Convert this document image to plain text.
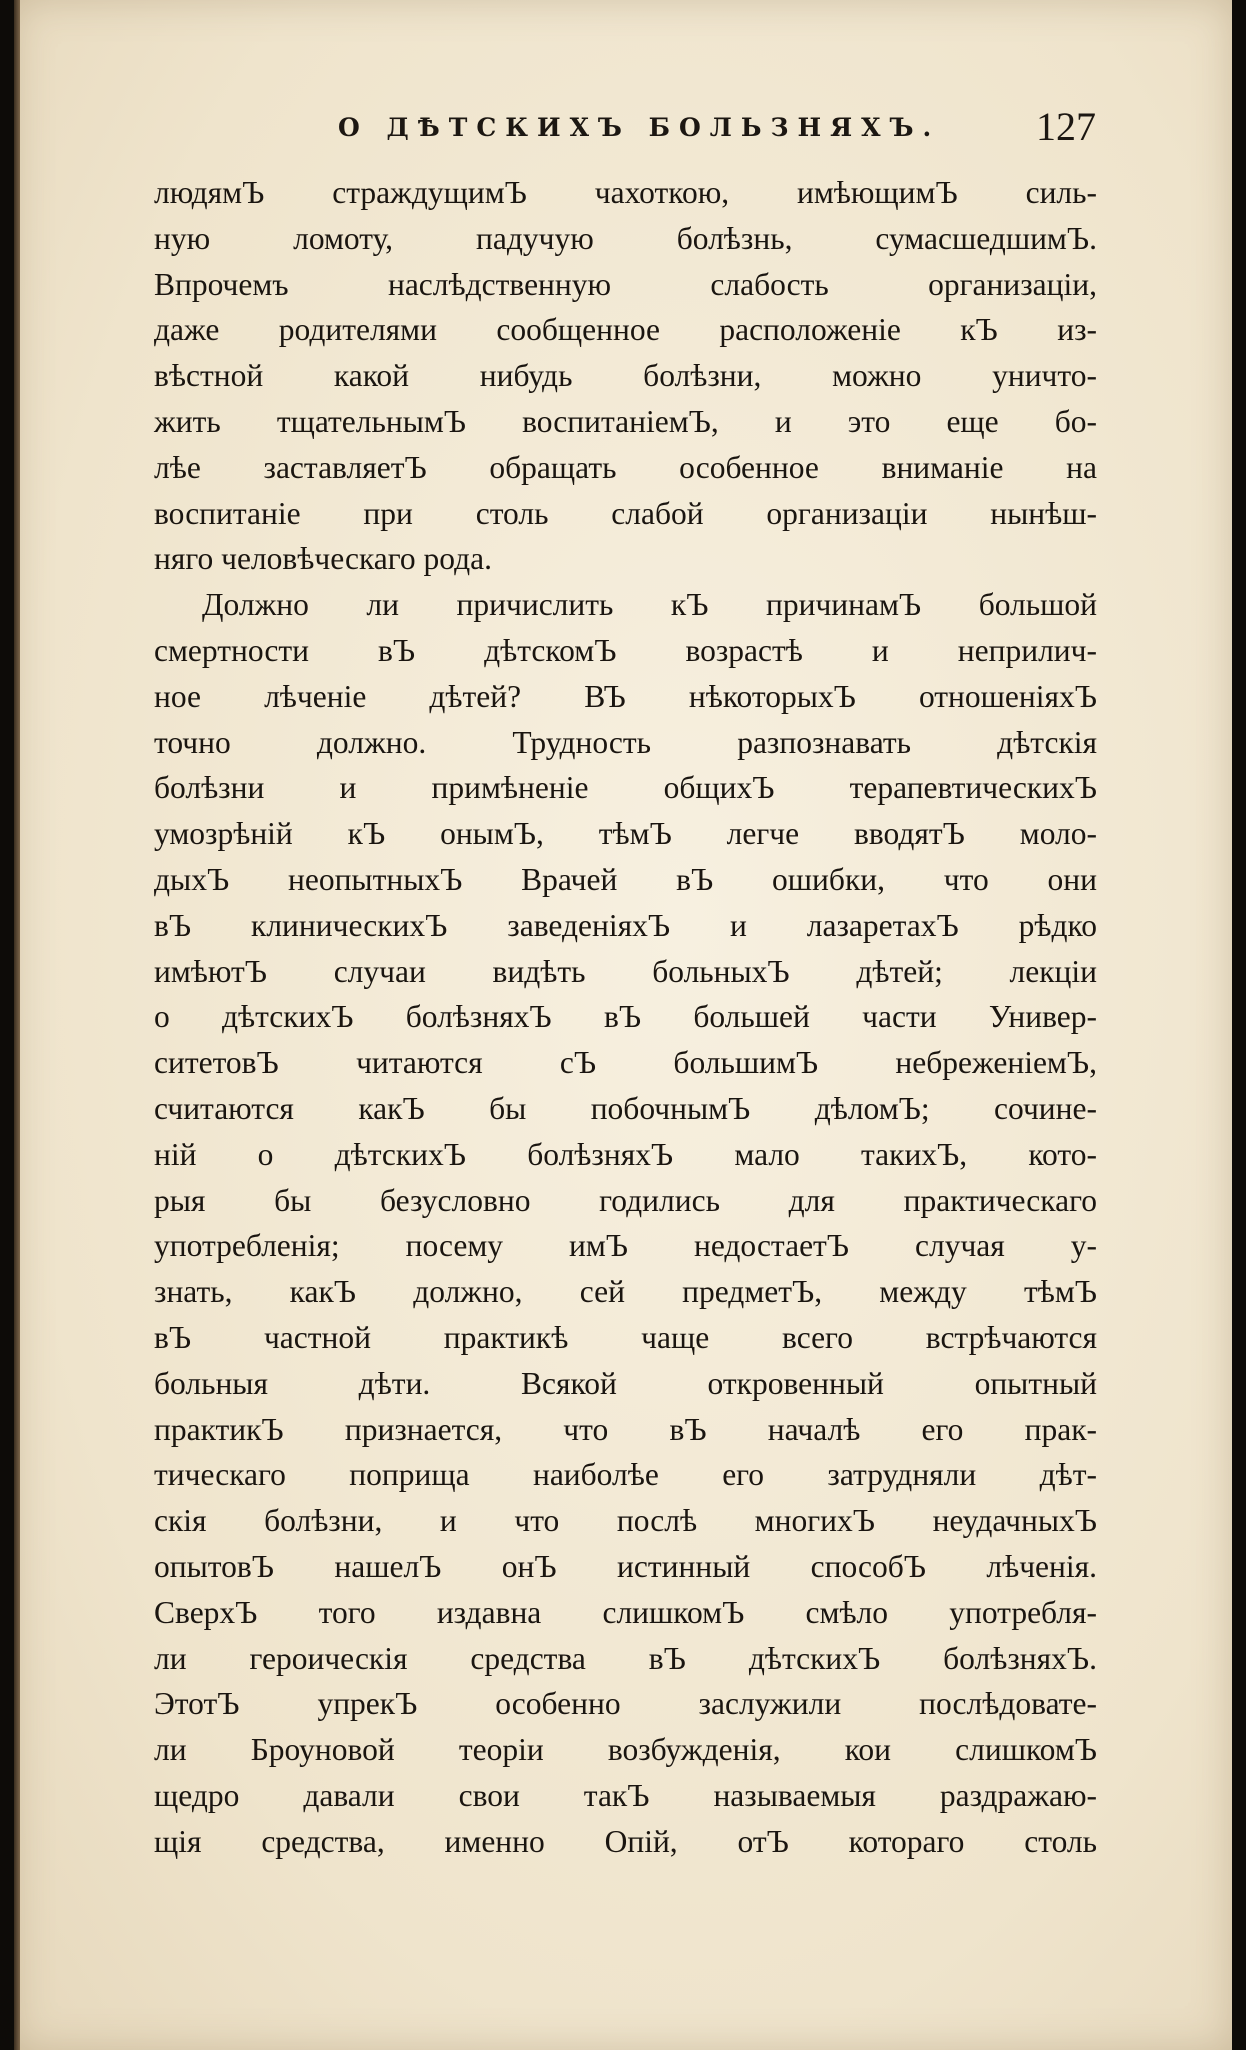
О ДѢТСКИХЪ БОЛЬЗНЯХЪ. 127
людямЪ страждущимЪ чахоткою, имѣющимЪ силь-
ную ломоту, падучую болѣзнь, сумасшедшимЪ.
Впрочемъ наслѣдственную слабость организацiи,
даже родителями сообщенное расположенiе кЪ из-
вѣстной какой нибудь болѣзни, можно уничто-
жить тщательнымЪ воспитанiемЪ, и это еще бо-
лѣе заставляетЪ обращать особенное вниманiе на
воспитанiе при столь слабой организацiи нынѣш-
няго человѣческаго рода.
Должно ли причислить кЪ причинамЪ большой
смертности вЪ дѣтскомЪ возрастѣ и неприлич-
ное лѣченiе дѣтей? ВЪ нѣкоторыхЪ отношенiяхЪ
точно должно. Трудность разпознавать дѣтскiя
болѣзни и примѣненiе общихЪ терапевтическихЪ
умозрѣнiй кЪ онымЪ, тѣмЪ легче вводятЪ моло-
дыхЪ неопытныхЪ Врачей вЪ ошибки, что они
вЪ клиническихЪ заведенiяхЪ и лазаретахЪ рѣдко
имѣютЪ случаи видѣть больныхЪ дѣтей; лекцiи
о дѣтскихЪ болѣзняхЪ вЪ большей части Универ-
ситетовЪ читаются сЪ большимЪ небреженiемЪ,
считаются какЪ бы побочнымЪ дѣломЪ; сочине-
нiй о дѣтскихЪ болѣзняхЪ мало такихЪ, кото-
рыя бы безусловно годились для практическаго
употребленiя; посему имЪ недостаетЪ случая у-
знать, какЪ должно, сей предметЪ, между тѣмЪ
вЪ частной практикѣ чаще всего встрѣчаются
больныя дѣти. Всякой откровенный опытный
практикЪ признается, что вЪ началѣ его прак-
тическаго поприща наиболѣе его затрудняли дѣт-
скiя болѣзни, и что послѣ многихЪ неудачныхЪ
опытовЪ нашелЪ онЪ истинный способЪ лѣченiя.
СверхЪ того издавна слишкомЪ смѣло употребля-
ли героическiя средства вЪ дѣтскихЪ болѣзняхЪ.
ЭтотЪ упрекЪ особенно заслужили послѣдовате-
ли Броуновой теорiи возбужденiя, кои слишкомЪ
щедро давали свои такЪ называемыя раздражаю-
щiя средства, именно Опiй, отЪ котораго столь
